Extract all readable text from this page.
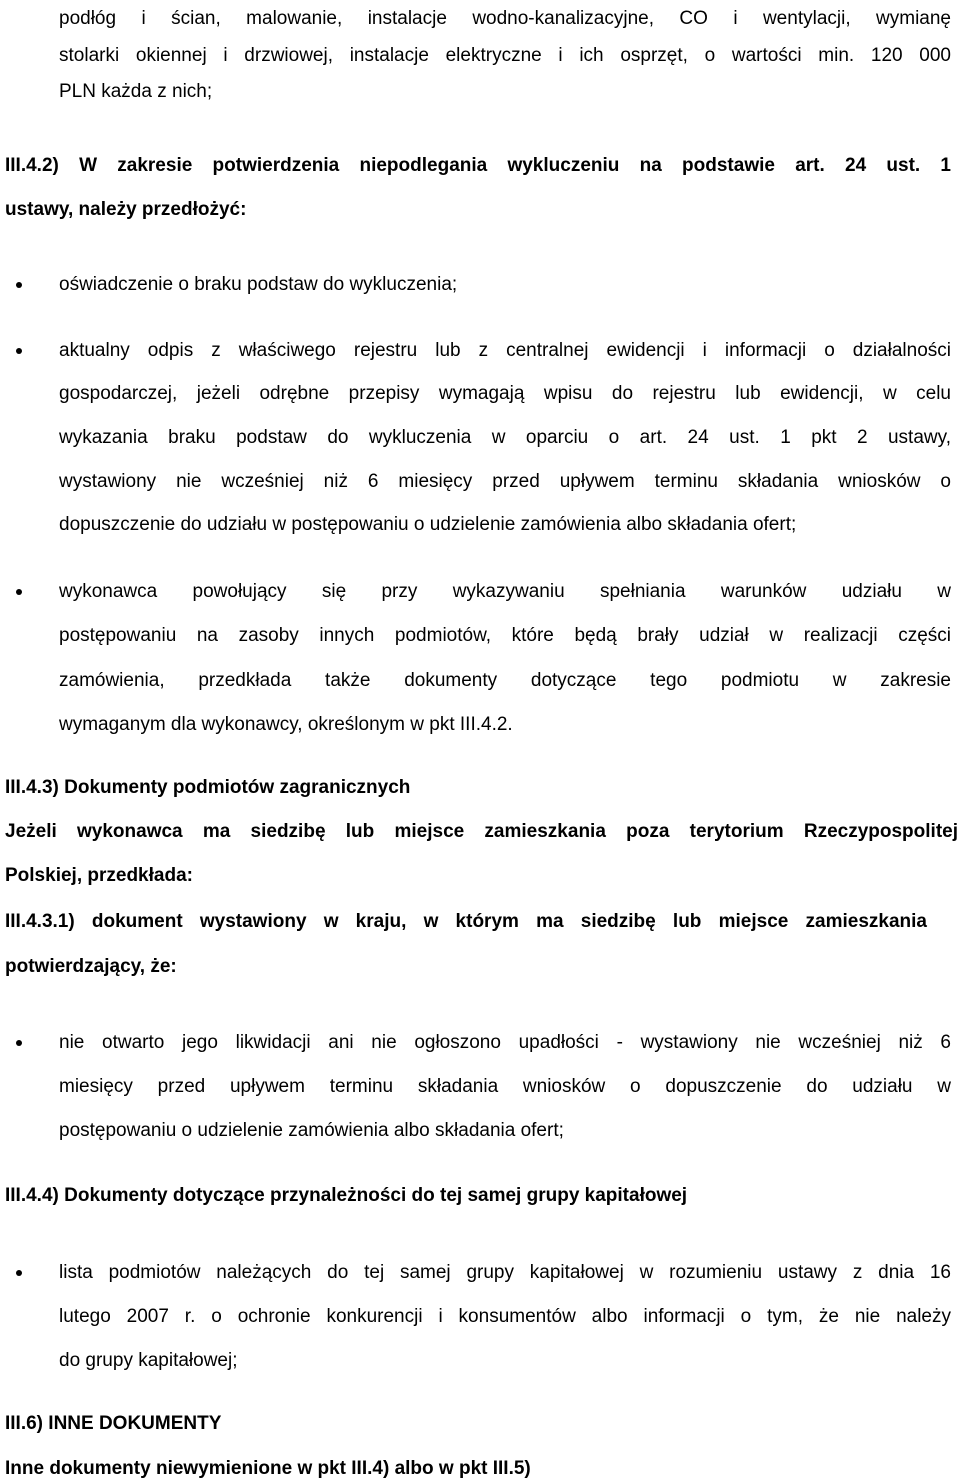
podłóg i ścian, malowanie, instalacje wodno-kanalizacyjne, CO i wentylacji, wymianę
stolarki okiennej i drzwiowej, instalacje elektryczne i ich osprzęt, o wartości min. 120 000
PLN każda z nich;
III.4.2) W zakresie potwierdzenia niepodlegania wykluczeniu na podstawie art. 24 ust. 1
ustawy, należy przedłożyć:
oświadczenie o braku podstaw do wykluczenia;
aktualny odpis z właściwego rejestru lub z centralnej ewidencji i informacji o działalności
gospodarczej, jeżeli odrębne przepisy wymagają wpisu do rejestru lub ewidencji, w celu
wykazania braku podstaw do wykluczenia w oparciu o art. 24 ust. 1 pkt 2 ustawy,
wystawiony nie wcześniej niż 6 miesięcy przed upływem terminu składania wniosków o
dopuszczenie do udziału w postępowaniu o udzielenie zamówienia albo składania ofert;
wykonawca powołujący się przy wykazywaniu spełniania warunków udziału w
postępowaniu na zasoby innych podmiotów, które będą brały udział w realizacji części
zamówienia, przedkłada także dokumenty dotyczące tego podmiotu w zakresie
wymaganym dla wykonawcy, określonym w pkt III.4.2.
III.4.3) Dokumenty podmiotów zagranicznych
Jeżeli wykonawca ma siedzibę lub miejsce zamieszkania poza terytorium Rzeczypospolitej
Polskiej, przedkłada:
III.4.3.1) dokument wystawiony w kraju, w którym ma siedzibę lub miejsce zamieszkania
potwierdzający, że:
nie otwarto jego likwidacji ani nie ogłoszono upadłości - wystawiony nie wcześniej niż 6
miesięcy przed upływem terminu składania wniosków o dopuszczenie do udziału w
postępowaniu o udzielenie zamówienia albo składania ofert;
III.4.4) Dokumenty dotyczące przynależności do tej samej grupy kapitałowej
lista podmiotów należących do tej samej grupy kapitałowej w rozumieniu ustawy z dnia 16
lutego 2007 r. o ochronie konkurencji i konsumentów albo informacji o tym, że nie należy
do grupy kapitałowej;
III.6) INNE DOKUMENTY
Inne dokumenty niewymienione w pkt III.4) albo w pkt III.5)
